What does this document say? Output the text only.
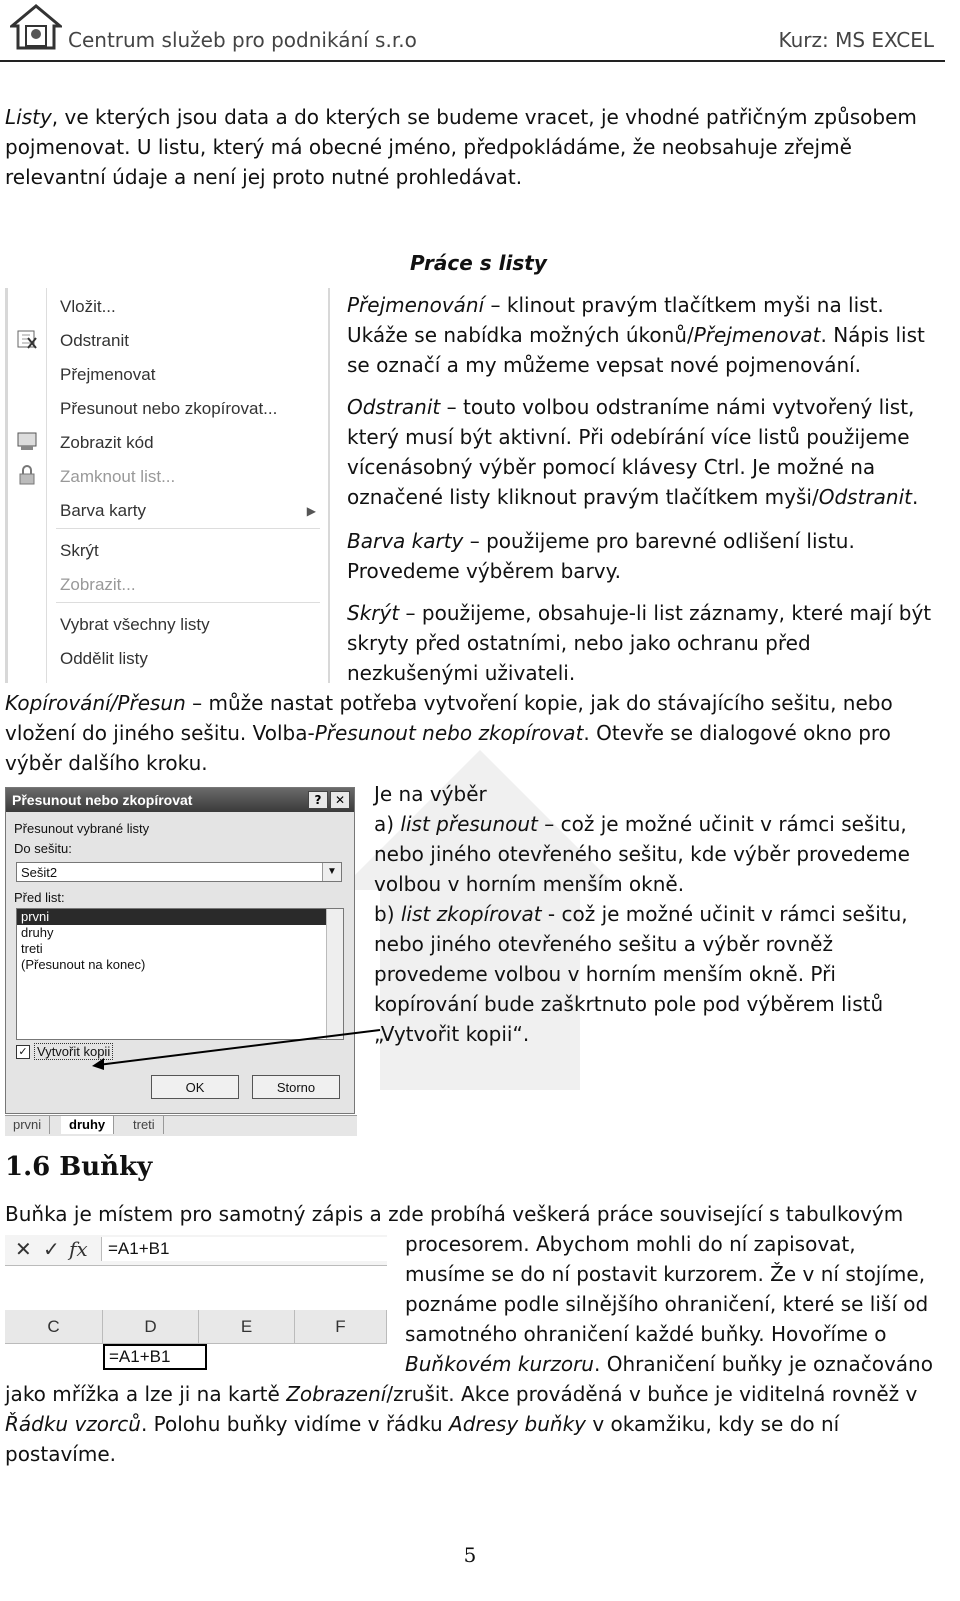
Centrum služeb pro podnikání s.r.o	Kurz: MS EXCEL

Listy, ve kterých jsou data a do kterých se budeme vracet, je vhodné patřičným způsobem pojmenovat. U listu, který má obecné jméno, předpokládáme, že neobsahuje zřejmě relevantní údaje a není jej proto nutné prohledávat.

Práce s listy
Vložit...
Odstranit
Přejmenovat
Přesunout nebo zkopírovat...
Zobrazit kód
Zamknout list...
Barva karty	▶
Skrýt
Zobrazit...
Vybrat všechny listy
Oddělit listy

Přejmenování – klinout pravým tlačítkem myši na list. Ukáže se nabídka možných úkonů/Přejmenovat. Nápis list se označí a my můžeme vepsat nové pojmenování.

Odstranit – touto volbou odstraníme námi vytvořený list, který musí být aktivní. Při odebírání více listů použijeme vícenásobný výběr pomocí klávesy Ctrl. Je možné na označené listy kliknout pravým tlačítkem myši/Odstranit.

Barva karty – použijeme pro barevné odlišení listu. Provedeme výběrem barvy.

Skrýt – použijeme, obsahuje-li list záznamy, které mají být skryty před ostatními, nebo jako ochranu před nezkušenými uživateli.

Kopírování/Přesun – může nastat potřeba vytvoření kopie, jak do stávajícího sešitu, nebo vložení do jiného sešitu. Volba-Přesunout nebo zkopírovat. Otevře se dialogové okno pro výběr dalšího kroku.

Přesunout nebo zkopírovat	?	✕
Přesunout vybrané listy
Do sešitu:
Sešit2	▼
Před list:
prvni
druhy
treti
(Přesunout na konec)
✓ Vytvořit kopii
OK	Storno
prvni	druhy	treti

Je na výběr
a) list přesunout – což je možné učinit v rámci sešitu, nebo jiného otevřeného sešitu, kde výběr provedeme volbou v horním menším okně.
b) list zkopírovat - což je možné učinit v rámci sešitu, nebo jiného otevřeného sešitu a výběr rovněž provedeme volbou v horním menším okně. Při kopírování bude zaškrtnuto pole pod výběrem listů „Vytvořit kopii“.

1.6 Buňky

Buňka je místem pro samotný zápis a zde probíhá veškerá práce související s tabulkovým

✕ ✓ fx	=A1+B1
C	D	E	F
=A1+B1

procesorem. Abychom mohli do ní zapisovat, musíme se do ní postavit kurzorem. Že v ní stojíme, poznáme podle silnějšího ohraničení, které se liší od samotného ohraničení každé buňky. Hovoříme o Buňkovém kurzoru. Ohraničení buňky je označováno

jako mřížka a lze ji na kartě Zobrazení/zrušit. Akce prováděná v buňce je viditelná rovněž v Řádku vzorců. Polohu buňky vidíme v řádku Adresy buňky v okamžiku, kdy se do ní postavíme.

5
